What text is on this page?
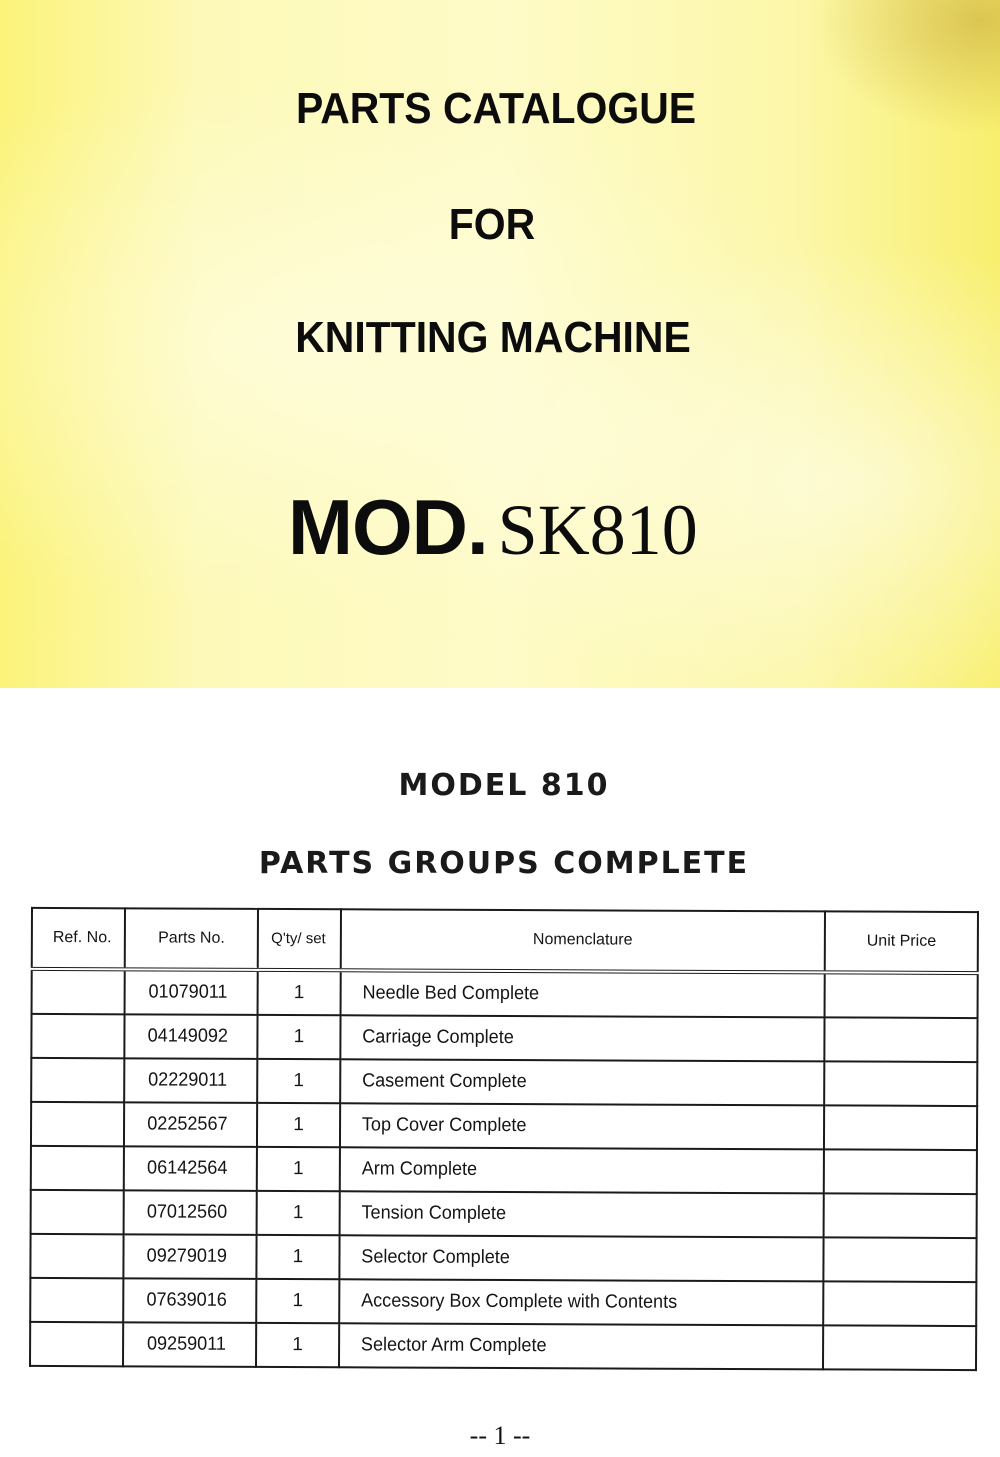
PARTS CATALOGUE
FOR
KNITTING MACHINE
MOD. SK810
MODEL 810
PARTS GROUPS COMPLETE
Ref. No.	Parts No.	Q'ty/ set	Nomenclature	Unit Price
	01079011	1	Needle Bed Complete	
	04149092	1	Carriage Complete	
	02229011	1	Casement Complete	
	02252567	1	Top Cover Complete	
	06142564	1	Arm Complete	
	07012560	1	Tension Complete	
	09279019	1	Selector Complete	
	07639016	1	Accessory Box Complete with Contents	
	09259011	1	Selector Arm Complete	
-- 1 --
